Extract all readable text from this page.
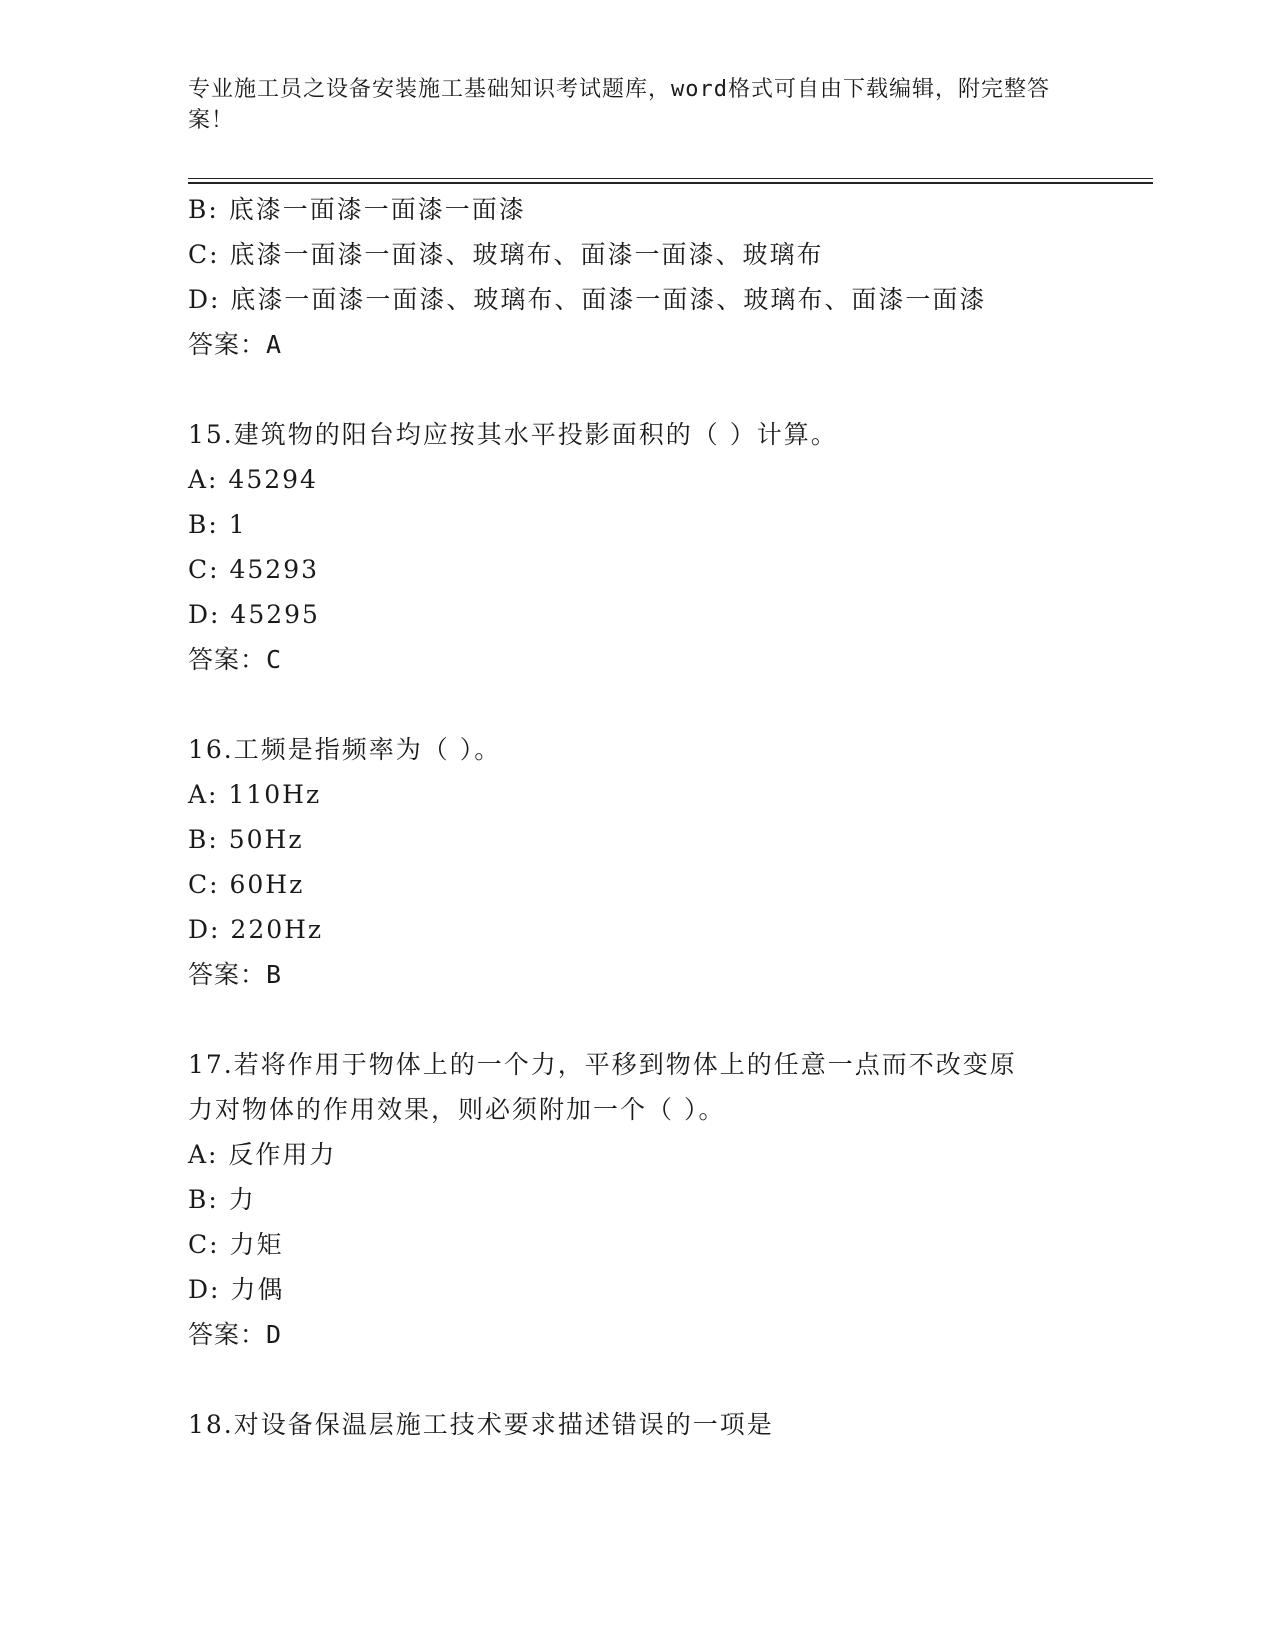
专业施工员之设备安装施工基础知识考试题库，word格式可自由下载编辑，附完整答案！
B: 底漆一面漆一面漆一面漆
C: 底漆一面漆一面漆、玻璃布、面漆一面漆、玻璃布
D: 底漆一面漆一面漆、玻璃布、面漆一面漆、玻璃布、面漆一面漆
答案：A
15.建筑物的阳台均应按其水平投影面积的（ ）计算。
A: 45294
B: 1
C: 45293
D: 45295
答案：C
16.工频是指频率为（ ）。
A: 110Hz
B: 50Hz
C: 60Hz
D: 220Hz
答案：B
17.若将作用于物体上的一个力，平移到物体上的任意一点而不改变原
力对物体的作用效果，则必须附加一个（ ）。
A: 反作用力
B: 力
C: 力矩
D: 力偶
答案：D
18.对设备保温层施工技术要求描述错误的一项是
